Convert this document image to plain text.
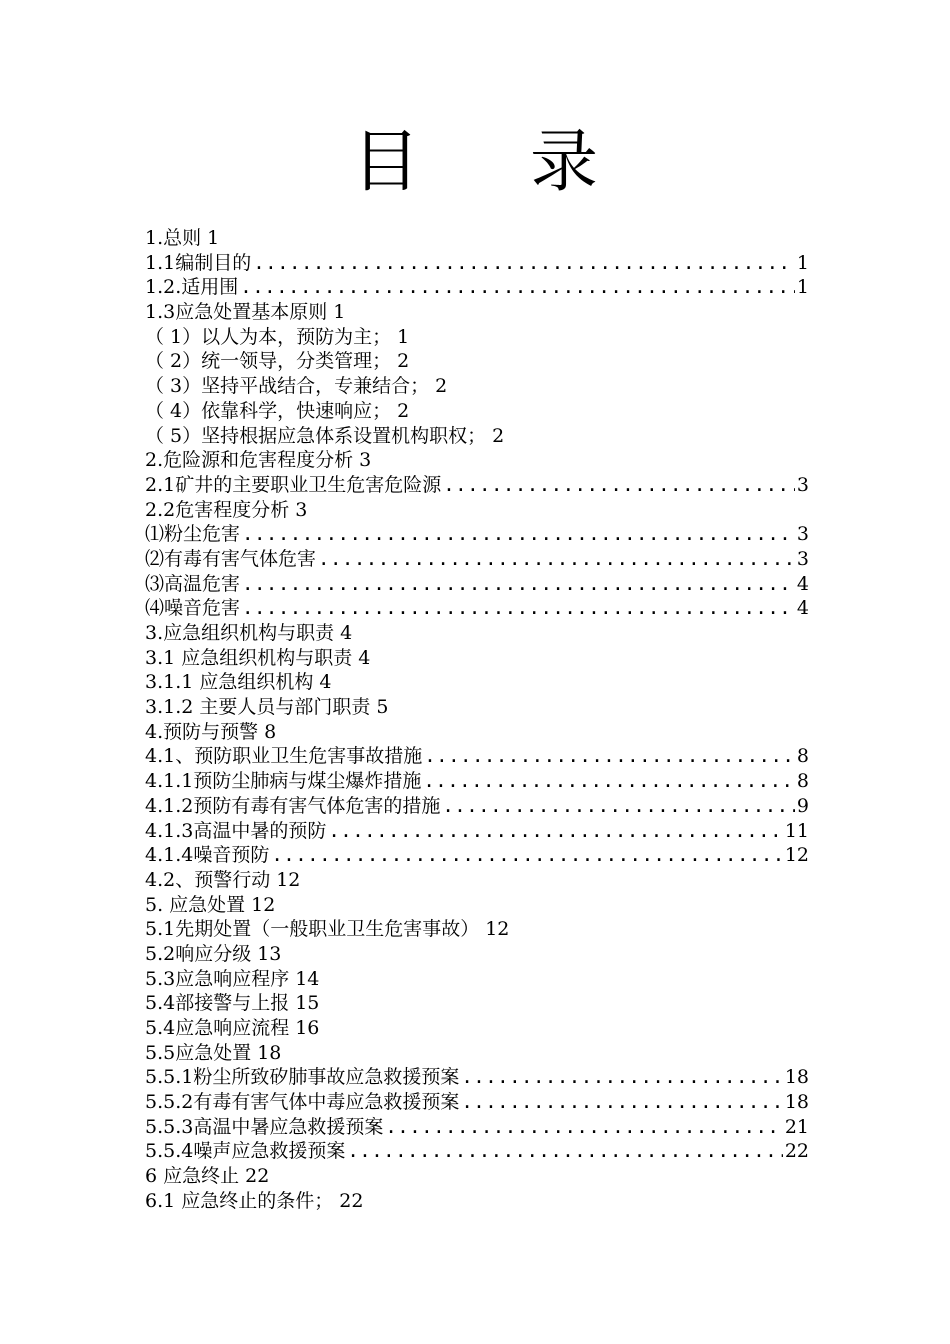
目 录
1.总则 1
1.1编制目的 .....	1
1.2.适用围 .....	1
1.3应急处置基本原则 1
（ 1）以人为本，预防为主； 1
（ 2）统一领导，分类管理； 2
（ 3）坚持平战结合，专兼结合； 2
（ 4）依靠科学，快速响应； 2
（ 5）坚持根据应急体系设置机构职权； 2
2.危险源和危害程度分析 3
2.1矿井的主要职业卫生危害危险源 .....	3
2.2危害程度分析 3
⑴粉尘危害 .....	3
⑵有毒有害气体危害 .....	3
⑶高温危害 .....	4
⑷噪音危害 .....	4
3.应急组织机构与职责 4
3.1 应急组织机构与职责 4
3.1.1 应急组织机构 4
3.1.2 主要人员与部门职责 5
4.预防与预警 8
4.1、预防职业卫生危害事故措施 .....	8
4.1.1预防尘肺病与煤尘爆炸措施 .....	8
4.1.2预防有毒有害气体危害的措施 .....	9
4.1.3高温中暑的预防 .....	11
4.1.4噪音预防 .....	12
4.2、预警行动 12
5. 应急处置 12
5.1先期处置（一般职业卫生危害事故） 12
5.2响应分级 13
5.3应急响应程序 14
5.4部接警与上报 15
5.4应急响应流程 16
5.5应急处置 18
5.5.1粉尘所致矽肺事故应急救援预案 .....	18
5.5.2有毒有害气体中毒应急救援预案 .....	18
5.5.3高温中暑应急救援预案 .....	21
5.5.4噪声应急救援预案 .....	22
6 应急终止 22
6.1 应急终止的条件； 22
